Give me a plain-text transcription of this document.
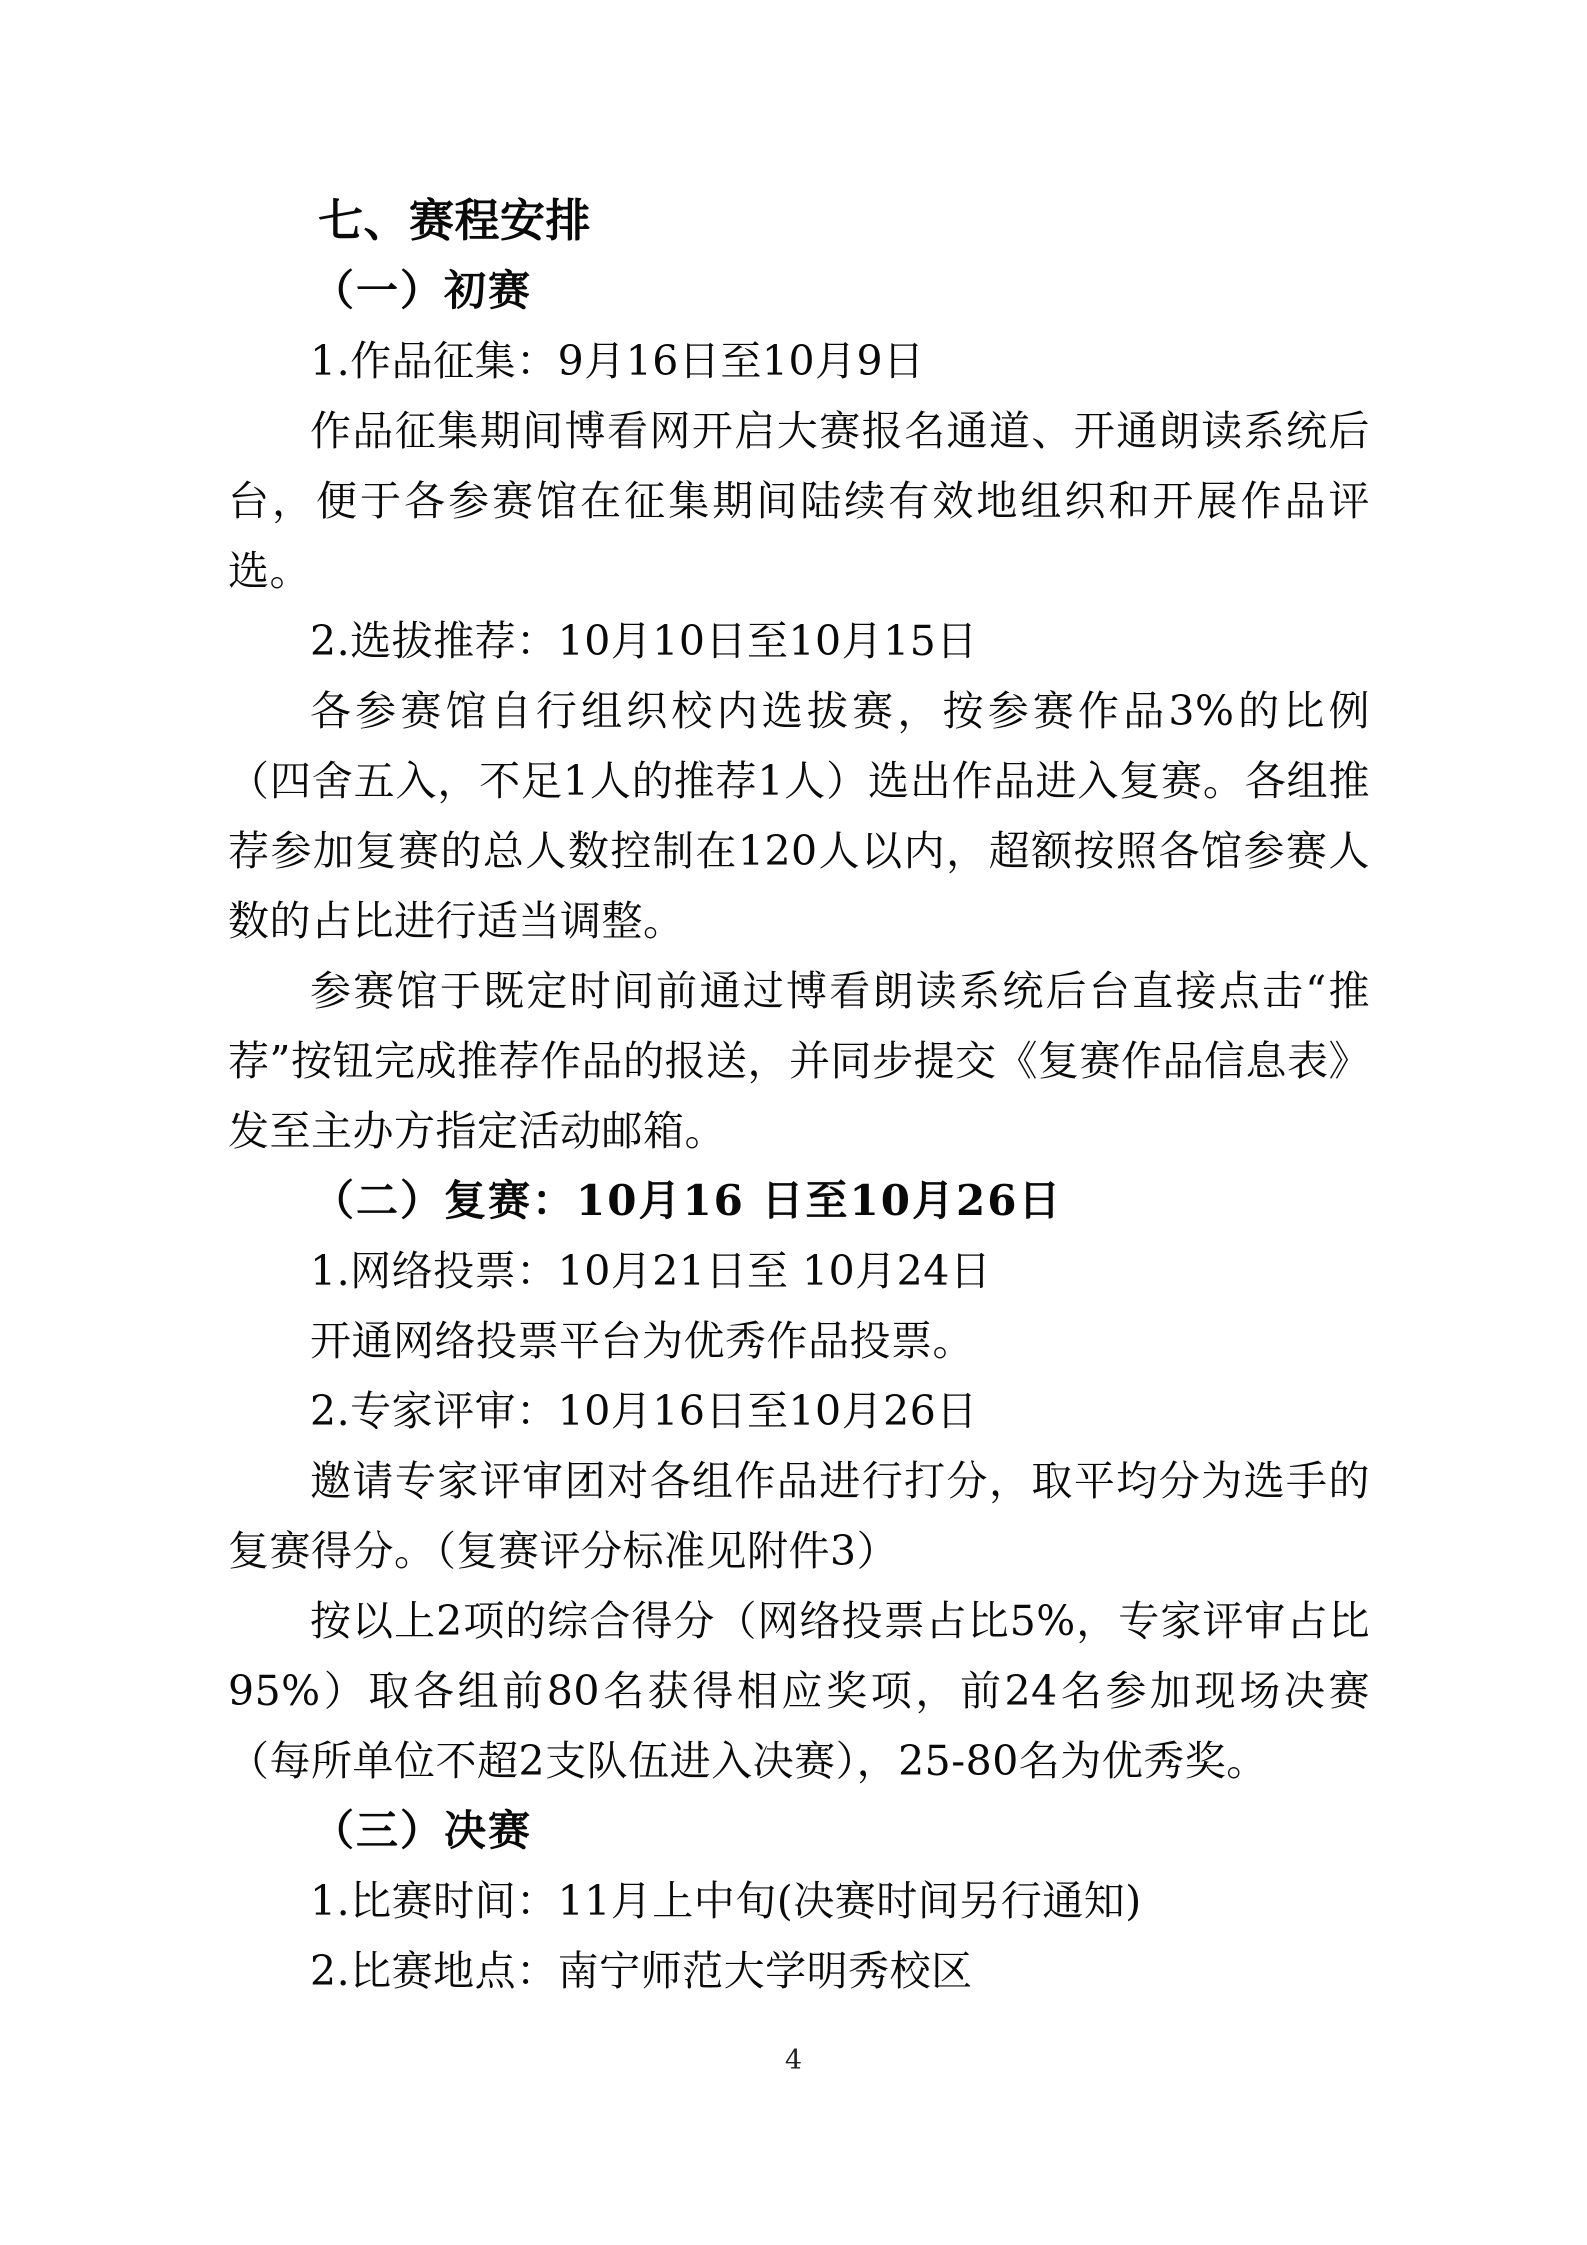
七、赛程安排
（一）初赛
1.作品征集：9月16日至10月9日
作品征集期间博看网开启大赛报名通道、开通朗读系统后台，便于各参赛馆在征集期间陆续有效地组织和开展作品评选。
2.选拔推荐：10月10日至10月15日
各参赛馆自行组织校内选拔赛，按参赛作品3%的比例（四舍五入，不足1人的推荐1人）选出作品进入复赛。各组推荐参加复赛的总人数控制在120人以内，超额按照各馆参赛人数的占比进行适当调整。
参赛馆于既定时间前通过博看朗读系统后台直接点击“推荐”按钮完成推荐作品的报送，并同步提交《复赛作品信息表》发至主办方指定活动邮箱。
（二）复赛：10月16 日至10月26日
1.网络投票：10月21日至 10月24日
开通网络投票平台为优秀作品投票。
2.专家评审：10月16日至10月26日
邀请专家评审团对各组作品进行打分，取平均分为选手的复赛得分。（复赛评分标准见附件3）
按以上2项的综合得分（网络投票占比5%，专家评审占比95%）取各组前80名获得相应奖项，前24名参加现场决赛（每所单位不超2支队伍进入决赛），25-80名为优秀奖。
（三）决赛
1.比赛时间：11月上中旬(决赛时间另行通知)
2.比赛地点：南宁师范大学明秀校区
4
